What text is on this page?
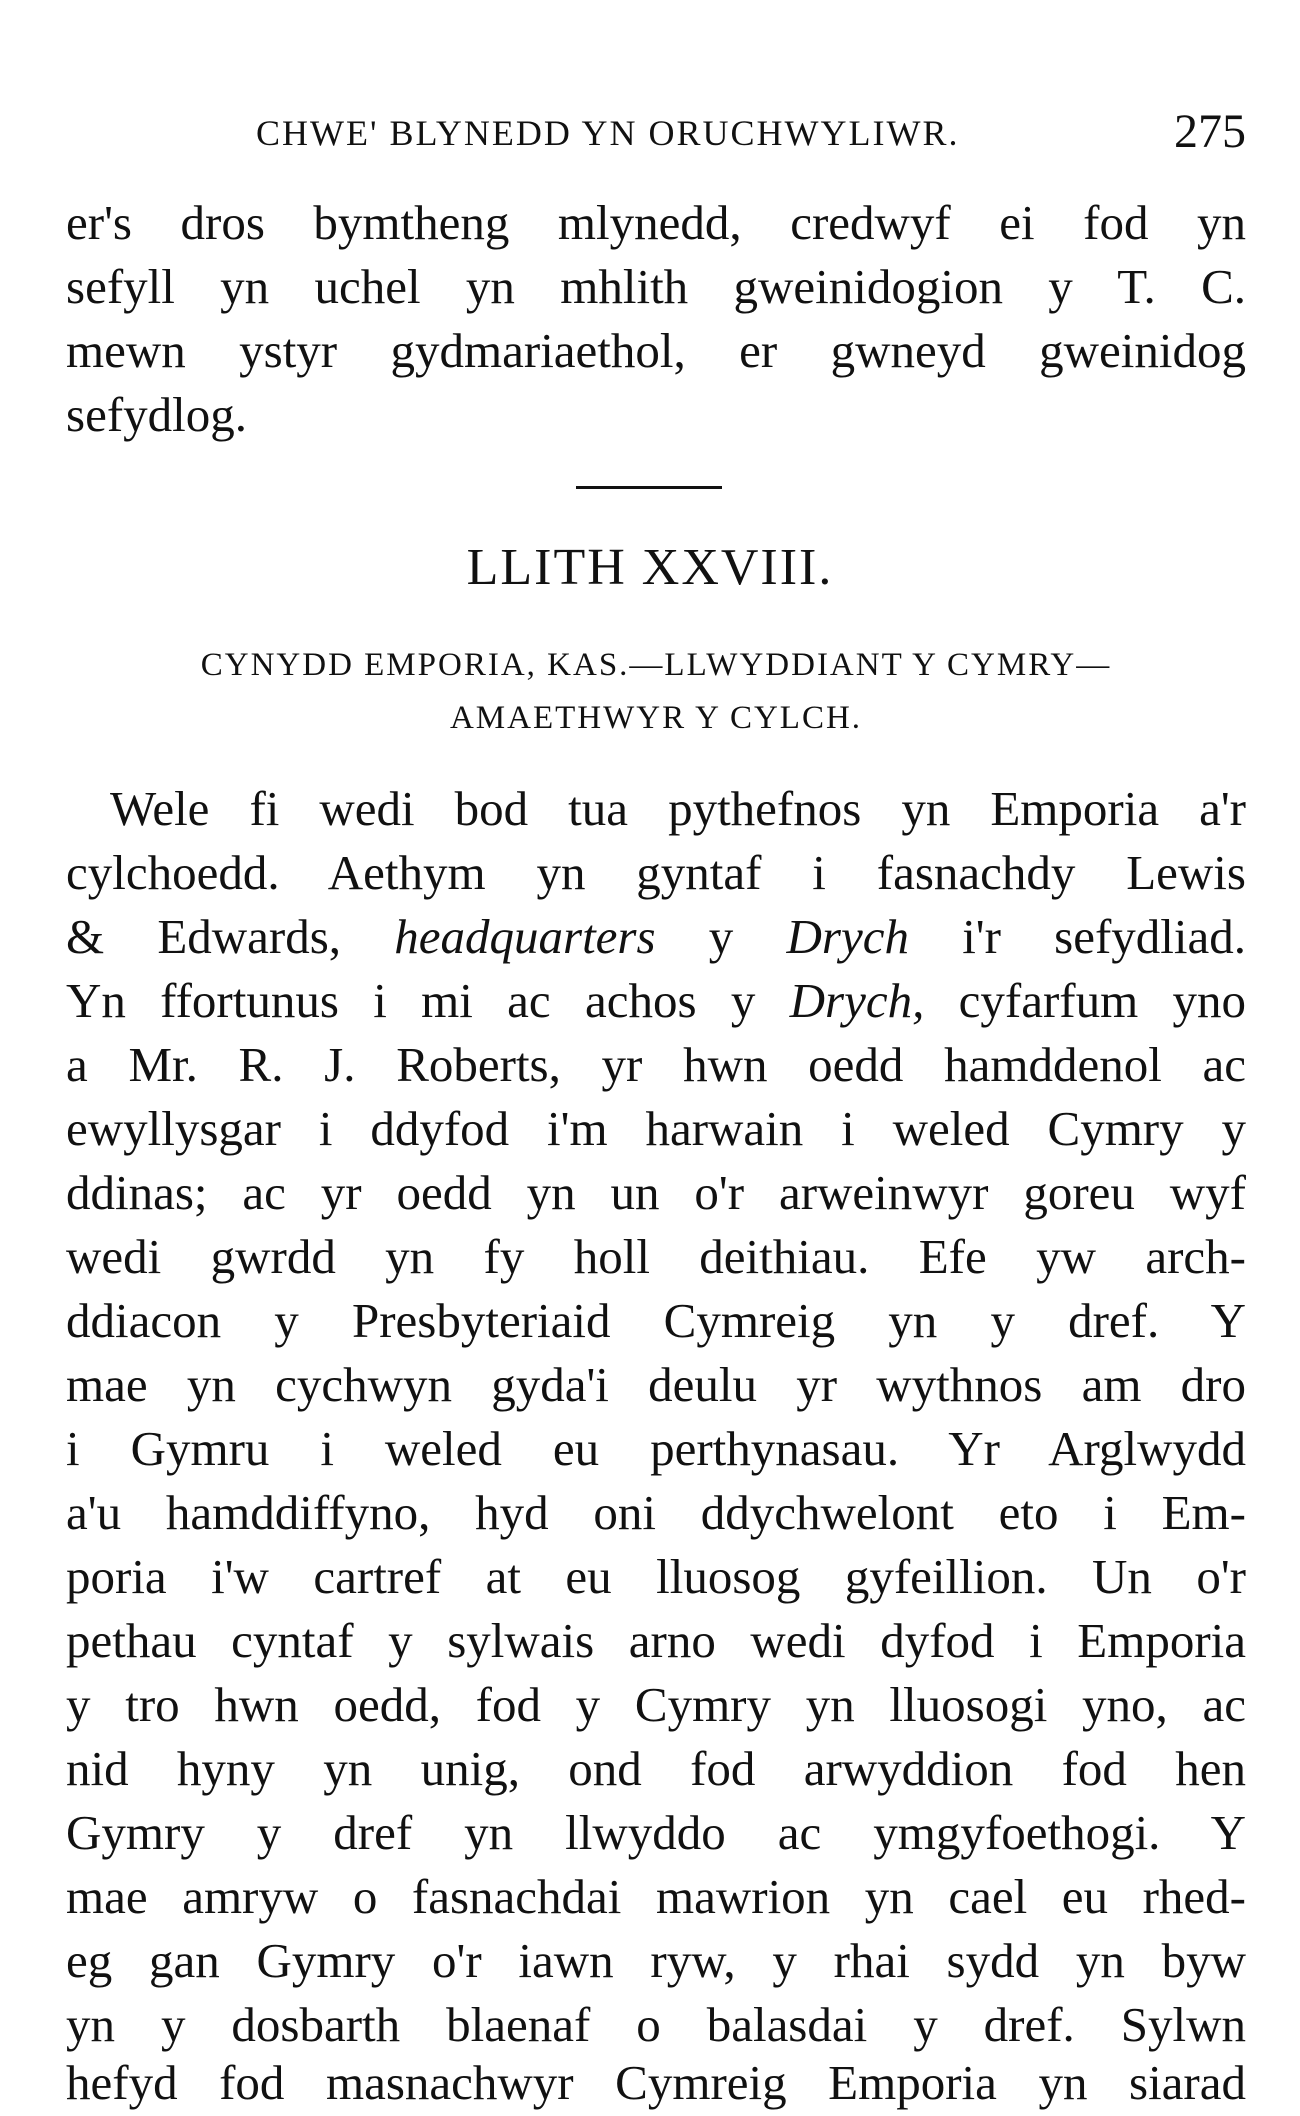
CHWE' BLYNEDD YN ORUCHWYLIWR.	275
er's dros bymtheng mlynedd, credwyf ei fod yn
sefyll yn uchel yn mhlith gweinidogion y T. C.
mewn ystyr gydmariaethol, er gwneyd gweinidog
sefydlog.
LLITH XXVIII.
CYNYDD EMPORIA, KAS.—LLWYDDIANT Y CYMRY—
AMAETHWYR Y CYLCH.
Wele fi wedi bod tua pythefnos yn Emporia a'r
cylchoedd. Aethym yn gyntaf i fasnachdy Lewis
& Edwards, headquarters y Drych i'r sefydliad.
Yn ffortunus i mi ac achos y Drych, cyfarfum yno
a Mr. R. J. Roberts, yr hwn oedd hamddenol ac
ewyllysgar i ddyfod i'm harwain i weled Cymry y
ddinas; ac yr oedd yn un o'r arweinwyr goreu wyf
wedi gwrdd yn fy holl deithiau. Efe yw arch-
ddiacon y Presbyteriaid Cymreig yn y dref. Y
mae yn cychwyn gyda'i deulu yr wythnos am dro
i Gymru i weled eu perthynasau. Yr Arglwydd
a'u hamddiffyno, hyd oni ddychwelont eto i Em-
poria i'w cartref at eu lluosog gyfeillion. Un o'r
pethau cyntaf y sylwais arno wedi dyfod i Emporia
y tro hwn oedd, fod y Cymry yn lluosogi yno, ac
nid hyny yn unig, ond fod arwyddion fod hen
Gymry y dref yn llwyddo ac ymgyfoethogi. Y
mae amryw o fasnachdai mawrion yn cael eu rhed-
eg gan Gymry o'r iawn ryw, y rhai sydd yn byw
yn y dosbarth blaenaf o balasdai y dref. Sylwn
hefyd fod masnachwyr Cymreig Emporia yn siarad
